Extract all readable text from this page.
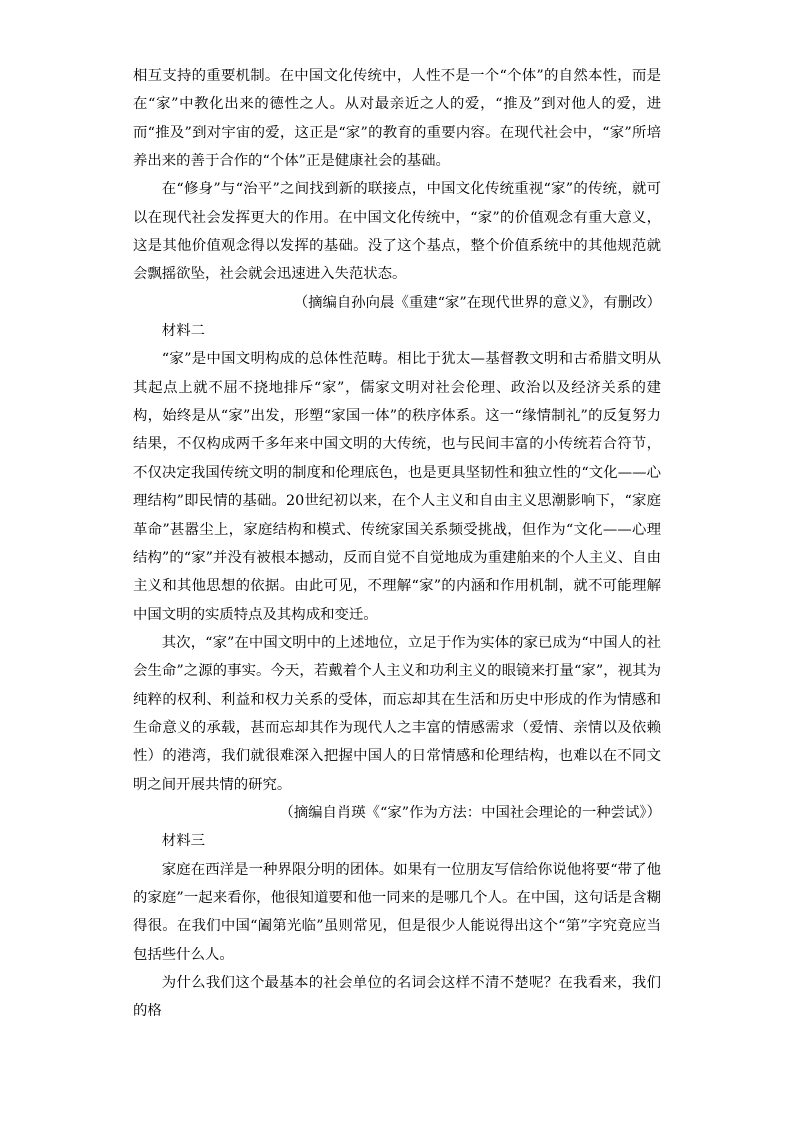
相互支持的重要机制。在中国文化传统中，人性不是一个“个体”的自然本性，而是在“家”中教化出来的德性之人。从对最亲近之人的爱，“推及”到对他人的爱，进而“推及”到对宇宙的爱，这正是“家”的教育的重要内容。在现代社会中，“家”所培养出来的善于合作的“个体”正是健康社会的基础。

在“修身”与“治平”之间找到新的联接点，中国文化传统重视“家”的传统，就可以在现代社会发挥更大的作用。在中国文化传统中，“家”的价值观念有重大意义，这是其他价值观念得以发挥的基础。没了这个基点，整个价值系统中的其他规范就会飘摇欲坠，社会就会迅速进入失范状态。

（摘编自孙向晨《重建“家”在现代世界的意义》，有删改）

材料二

“家”是中国文明构成的总体性范畴。相比于犹太—基督教文明和古希腊文明从其起点上就不屈不挠地排斥“家”，儒家文明对社会伦理、政治以及经济关系的建构，始终是从“家”出发，形塑“家国一体”的秩序体系。这一“缘情制礼”的反复努力结果，不仅构成两千多年来中国文明的大传统，也与民间丰富的小传统若合符节，不仅决定我国传统文明的制度和伦理底色，也是更具坚韧性和独立性的“文化——心理结构”即民情的基础。20世纪初以来，在个人主义和自由主义思潮影响下，“家庭革命”甚嚣尘上，家庭结构和模式、传统家国关系频受挑战，但作为“文化——心理结构”的“家”并没有被根本撼动，反而自觉不自觉地成为重建舶来的个人主义、自由主义和其他思想的依据。由此可见，不理解“家”的内涵和作用机制，就不可能理解中国文明的实质特点及其构成和变迁。

其次，“家”在中国文明中的上述地位，立足于作为实体的家已成为“中国人的社会生命”之源的事实。今天，若戴着个人主义和功利主义的眼镜来打量“家”，视其为纯粹的权利、利益和权力关系的受体，而忘却其在生活和历史中形成的作为情感和生命意义的承载，甚而忘却其作为现代人之丰富的情感需求（爱情、亲情以及依赖性）的港湾，我们就很难深入把握中国人的日常情感和伦理结构，也难以在不同文明之间开展共情的研究。

（摘编自肖瑛《“家”作为方法：中国社会理论的一种尝试》）

材料三

家庭在西洋是一种界限分明的团体。如果有一位朋友写信给你说他将要“带了他的家庭”一起来看你，他很知道要和他一同来的是哪几个人。在中国，这句话是含糊得很。在我们中国“阖第光临”虽则常见，但是很少人能说得出这个“第”字究竟应当包括些什么人。

为什么我们这个最基本的社会单位的名词会这样不清不楚呢？在我看来，我们的格
